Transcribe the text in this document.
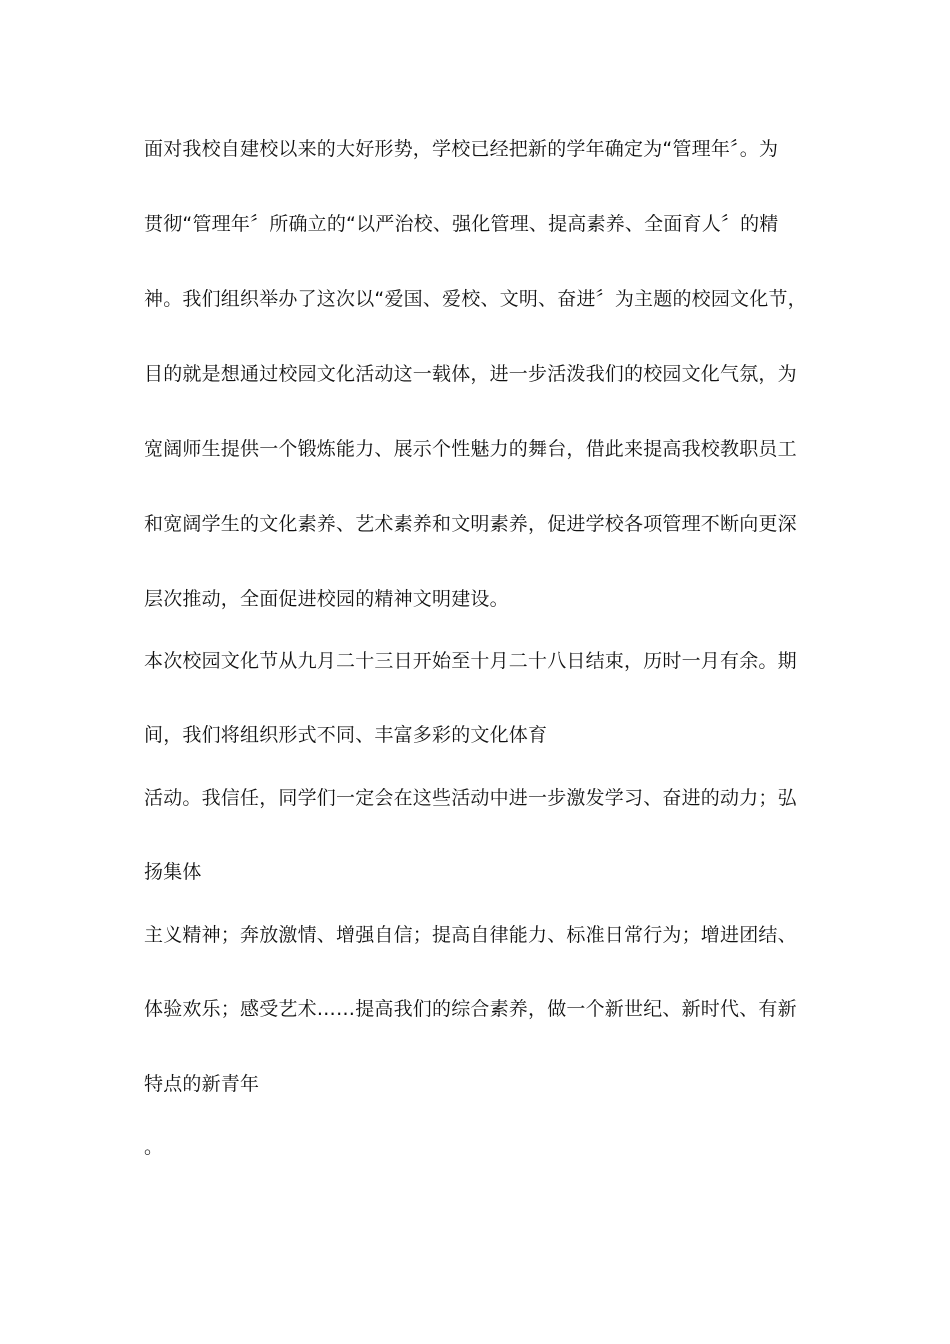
面对我校自建校以来的大好形势，学校已经把新的学年确定为“管理年〞。为
贯彻“管理年〞所确立的“以严治校、强化管理、提高素养、全面育人〞的精
神。我们组织举办了这次以“爱国、爱校、文明、奋进〞为主题的校园文化节，
目的就是想通过校园文化活动这一载体，进一步活泼我们的校园文化气氛，为
宽阔师生提供一个锻炼能力、展示个性魅力的舞台，借此来提高我校教职员工
和宽阔学生的文化素养、艺术素养和文明素养，促进学校各项管理不断向更深
层次推动，全面促进校园的精神文明建设。
本次校园文化节从九月二十三日开始至十月二十八日结束，历时一月有余。期
间，我们将组织形式不同、丰富多彩的文化体育
活动。我信任，同学们一定会在这些活动中进一步激发学习、奋进的动力；弘
扬集体
主义精神；奔放激情、增强自信；提高自律能力、标准日常行为；增进团结、
体验欢乐；感受艺术……提高我们的综合素养，做一个新世纪、新时代、有新
特点的新青年
。
